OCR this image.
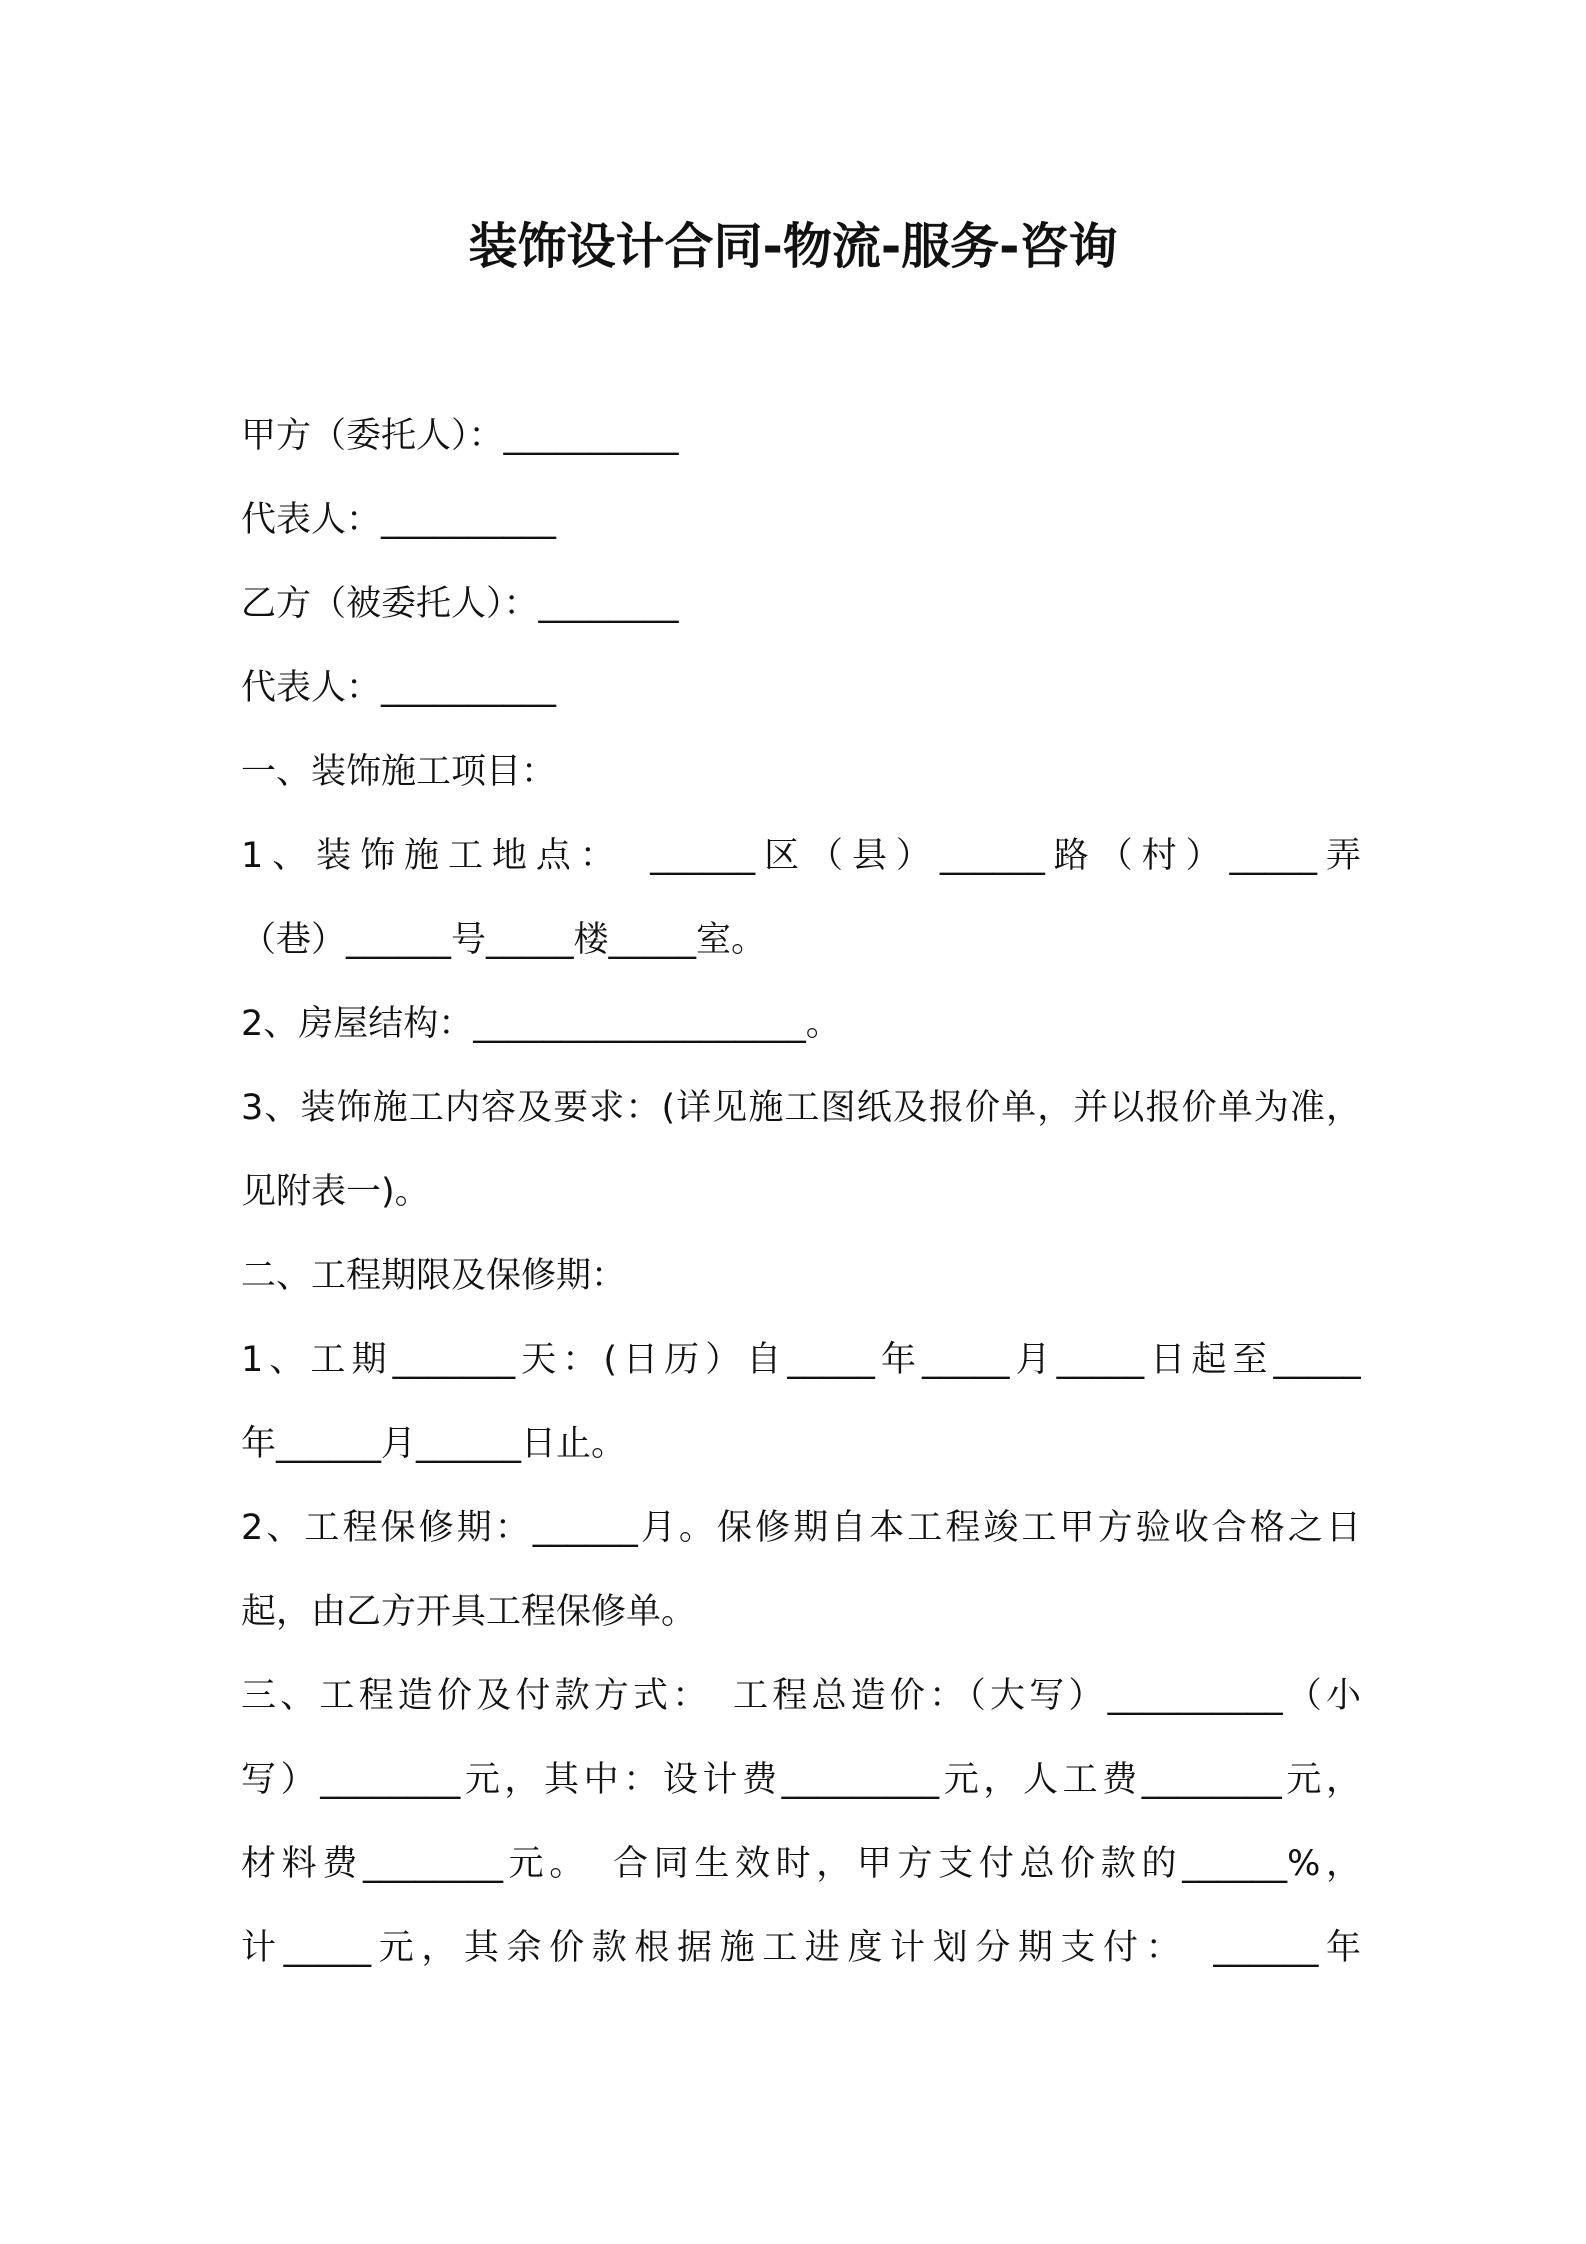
装饰设计合同-物流-服务-咨询
甲方（委托人）：__________
代表人：__________
乙方（被委托人）：________
代表人：__________
一、装饰施工项目：
1、装饰施工地点：　______区（县）______路（村）_____弄
（巷）______号_____楼_____室。
2、房屋结构：___________________。
3、装饰施工内容及要求：(详见施工图纸及报价单，并以报价单为准，
见附表一)。
二、工程期限及保修期：
1、工期_______天：(日历）自_____年_____月_____日起至_____
年______月______日止。
2、工程保修期：______月。保修期自本工程竣工甲方验收合格之日
起，由乙方开具工程保修单。
三、工程造价及付款方式：　工程总造价：（大写）__________（小
写）________元，其中：设计费_________元，人工费________元，
材料费________元。　合同生效时，甲方支付总价款的______%，
计_____元，其余价款根据施工进度计划分期支付：　______年
